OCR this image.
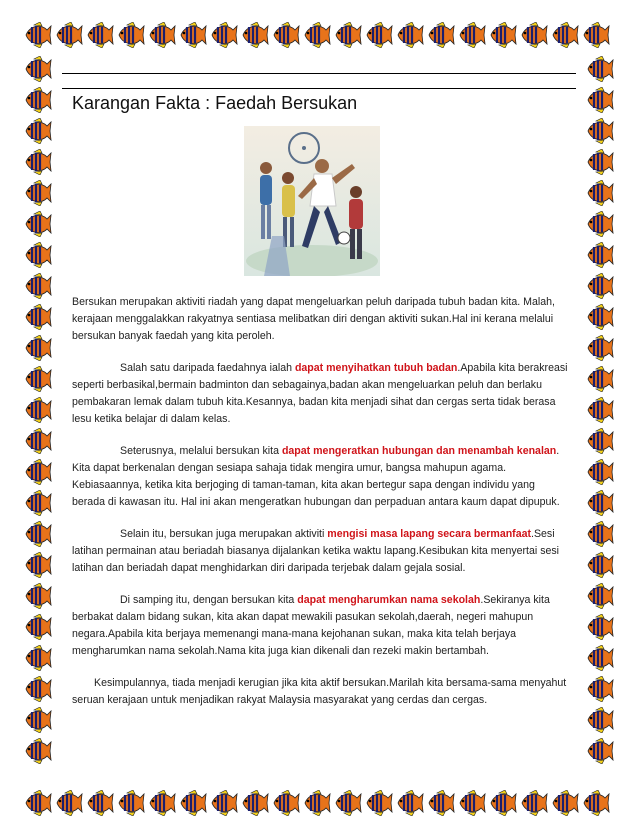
Karangan Fakta : Faedah Bersukan

Bersukan merupakan aktiviti riadah yang dapat mengeluarkan peluh daripada tubuh badan kita. Malah, kerajaan menggalakkan rakyatnya sentiasa melibatkan diri dengan aktiviti sukan.Hal ini kerana melalui bersukan banyak faedah yang kita peroleh.

Salah satu daripada faedahnya ialah dapat menyihatkan tubuh badan.Apabila kita berakreasi seperti berbasikal,bermain badminton dan sebagainya,badan akan mengeluarkan peluh dan berlaku pembakaran lemak dalam tubuh kita.Kesannya, badan kita menjadi sihat dan cergas serta tidak berasa lesu ketika belajar di dalam kelas.

Seterusnya, melalui bersukan kita dapat mengeratkan hubungan dan menambah kenalan. Kita dapat berkenalan dengan sesiapa sahaja tidak mengira umur, bangsa mahupun agama. Kebiasaannya, ketika kita berjoging di taman-taman, kita akan bertegur sapa dengan individu yang berada di kawasan itu. Hal ini akan mengeratkan hubungan dan perpaduan antara kaum dapat dipupuk.

Selain itu, bersukan juga merupakan aktiviti mengisi masa lapang secara bermanfaat.Sesi latihan permainan atau beriadah biasanya dijalankan ketika waktu lapang.Kesibukan kita menyertai sesi latihan dan beriadah dapat menghidarkan diri daripada terjebak dalam gejala sosial.

Di samping itu, dengan bersukan kita dapat mengharumkan nama sekolah.Sekiranya kita berbakat dalam bidang sukan, kita akan dapat mewakili pasukan sekolah,daerah, negeri mahupun negara.Apabila kita berjaya memenangi mana-mana kejohanan sukan, maka kita telah berjaya mengharumkan nama sekolah.Nama kita juga kian dikenali dan rezeki makin bertambah.

Kesimpulannya, tiada menjadi kerugian jika kita aktif bersukan.Marilah kita bersama-sama menyahut seruan kerajaan untuk menjadikan rakyat Malaysia masyarakat yang cerdas dan cergas.
